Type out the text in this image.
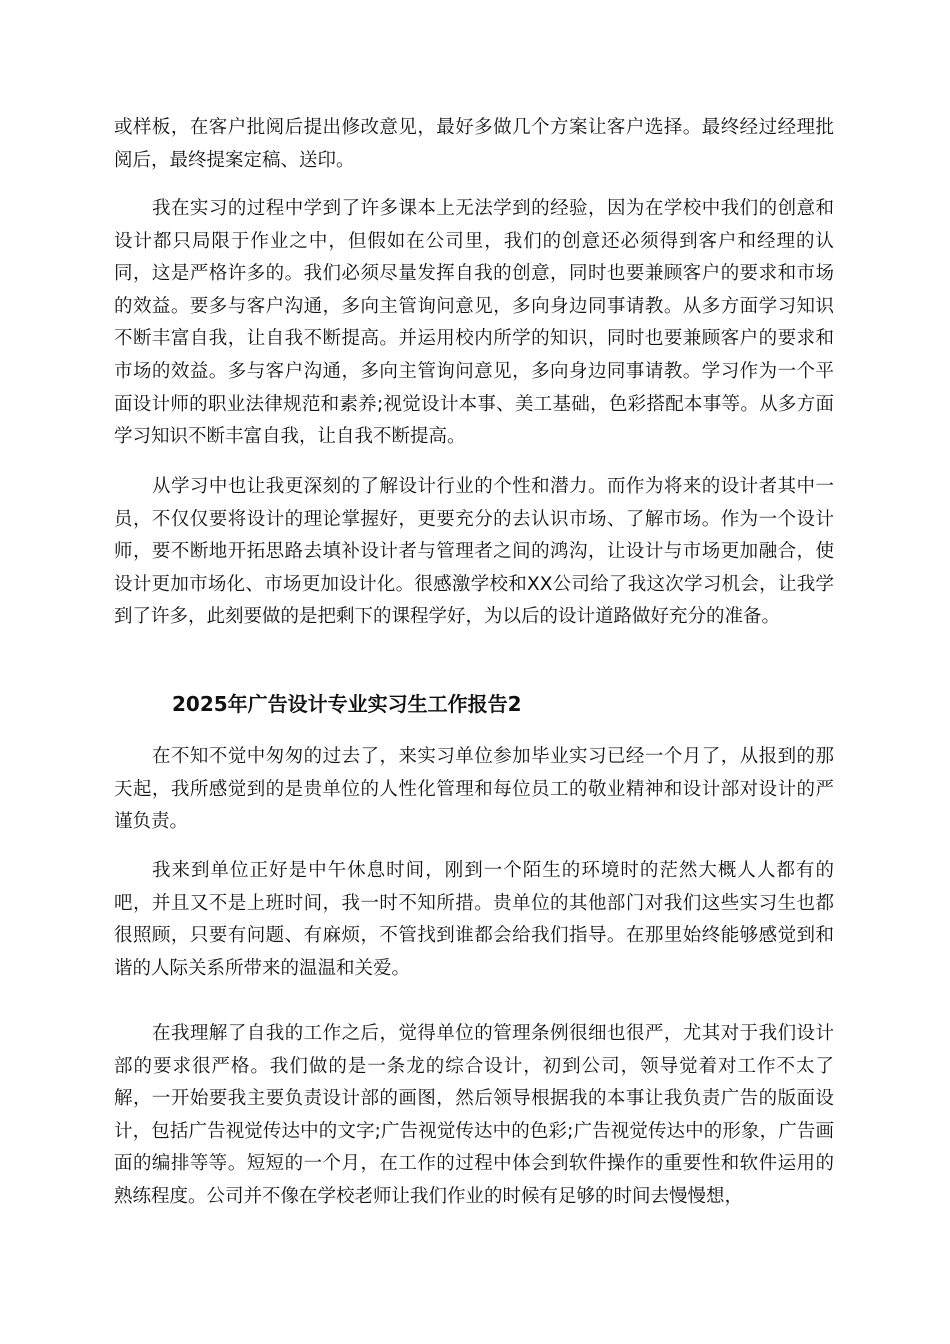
或样板，在客户批阅后提出修改意见，最好多做几个方案让客户选择。最终经过经理批阅后，最终提案定稿、送印。

我在实习的过程中学到了许多课本上无法学到的经验，因为在学校中我们的创意和设计都只局限于作业之中，但假如在公司里，我们的创意还必须得到客户和经理的认同，这是严格许多的。我们必须尽量发挥自我的创意，同时也要兼顾客户的要求和市场的效益。要多与客户沟通，多向主管询问意见，多向身边同事请教。从多方面学习知识不断丰富自我，让自我不断提高。并运用校内所学的知识，同时也要兼顾客户的要求和市场的效益。多与客户沟通，多向主管询问意见，多向身边同事请教。学习作为一个平面设计师的职业法律规范和素养;视觉设计本事、美工基础，色彩搭配本事等。从多方面学习知识不断丰富自我，让自我不断提高。

从学习中也让我更深刻的了解设计行业的个性和潜力。而作为将来的设计者其中一员，不仅仅要将设计的理论掌握好，更要充分的去认识市场、了解市场。作为一个设计师，要不断地开拓思路去填补设计者与管理者之间的鸿沟，让设计与市场更加融合，使设计更加市场化、市场更加设计化。很感激学校和XX公司给了我这次学习机会，让我学到了许多，此刻要做的是把剩下的课程学好，为以后的设计道路做好充分的准备。

2025年广告设计专业实习生工作报告2

在不知不觉中匆匆的过去了，来实习单位参加毕业实习已经一个月了，从报到的那天起，我所感觉到的是贵单位的人性化管理和每位员工的敬业精神和设计部对设计的严谨负责。

我来到单位正好是中午休息时间，刚到一个陌生的环境时的茫然大概人人都有的吧，并且又不是上班时间，我一时不知所措。贵单位的其他部门对我们这些实习生也都很照顾，只要有问题、有麻烦，不管找到谁都会给我们指导。在那里始终能够感觉到和谐的人际关系所带来的温温和关爱。

在我理解了自我的工作之后，觉得单位的管理条例很细也很严，尤其对于我们设计部的要求很严格。我们做的是一条龙的综合设计，初到公司，领导觉着对工作不太了解，一开始要我主要负责设计部的画图，然后领导根据我的本事让我负责广告的版面设计，包括广告视觉传达中的文字;广告视觉传达中的色彩;广告视觉传达中的形象，广告画面的编排等等。短短的一个月，在工作的过程中体会到软件操作的重要性和软件运用的熟练程度。公司并不像在学校老师让我们作业的时候有足够的时间去慢慢想，
